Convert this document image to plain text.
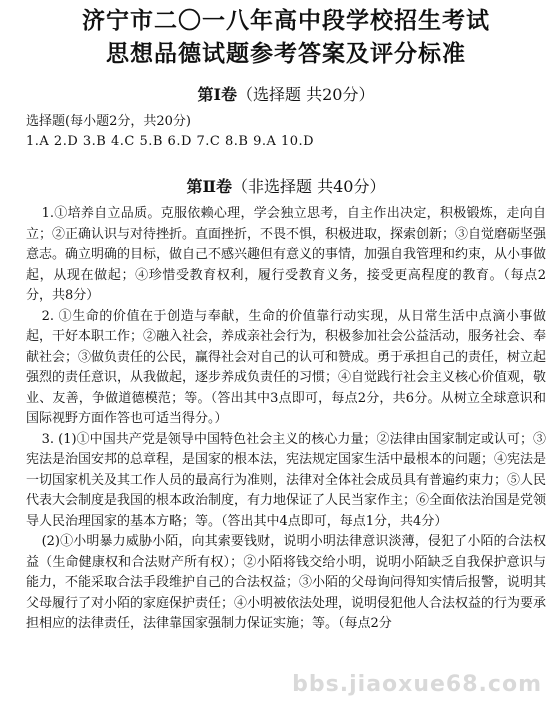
济宁市二〇一八年高中段学校招生考试
思想品德试题参考答案及评分标准
第Ⅰ卷（选择题 共20分）

选择题(每小题2分，共20分)

1.A 2.D 3.B 4.C 5.B 6.D 7.C 8.B 9.A 10.D

第Ⅱ卷（非选择题 共40分）

1.①培养自立品质。克服依赖心理，学会独立思考，自主作出决定，积极锻炼，走向自立；②正确认识与对待挫折。直面挫折，不畏不惧，积极进取，探索创新；③自觉磨砺坚强意志。确立明确的目标，做自己不感兴趣但有意义的事情，加强自我管理和约束，从小事做起，从现在做起；④珍惜受教育权利，履行受教育义务，接受更高程度的教育。（每点2分，共8分）

2. ①生命的价值在于创造与奉献，生命的价值靠行动实现，从日常生活中点滴小事做起，干好本职工作；②融入社会，养成亲社会行为，积极参加社会公益活动，服务社会、奉献社会；③做负责任的公民，赢得社会对自己的认可和赞成。勇于承担自己的责任，树立起强烈的责任意识，从我做起，逐步养成负责任的习惯；④自觉践行社会主义核心价值观，敬业、友善，争做道德模范；等。（答出其中3点即可，每点2分，共6分。从树立全球意识和国际视野方面作答也可适当得分。）

3. (1)①中国共产党是领导中国特色社会主义的核心力量；②法律由国家制定或认可；③宪法是治国安邦的总章程，是国家的根本法，宪法规定国家生活中最根本的问题；④宪法是一切国家机关及其工作人员的最高行为准则，法律对全体社会成员具有普遍约束力；⑤人民代表大会制度是我国的根本政治制度，有力地保证了人民当家作主；⑥全面依法治国是党领导人民治理国家的基本方略；等。（答出其中4点即可，每点1分，共4分）

(2)①小明暴力威胁小陌，向其索要钱财，说明小明法律意识淡薄，侵犯了小陌的合法权益（生命健康权和合法财产所有权）；②小陌将钱交给小明，说明小陌缺乏自我保护意识与能力，不能采取合法手段维护自己的合法权益；③小陌的父母询问得知实情后报警，说明其父母履行了对小陌的家庭保护责任；④小明被依法处理，说明侵犯他人合法权益的行为要承担相应的法律责任，法律靠国家强制力保证实施；等。（每点2分

bbs.jiaoxue68.com
